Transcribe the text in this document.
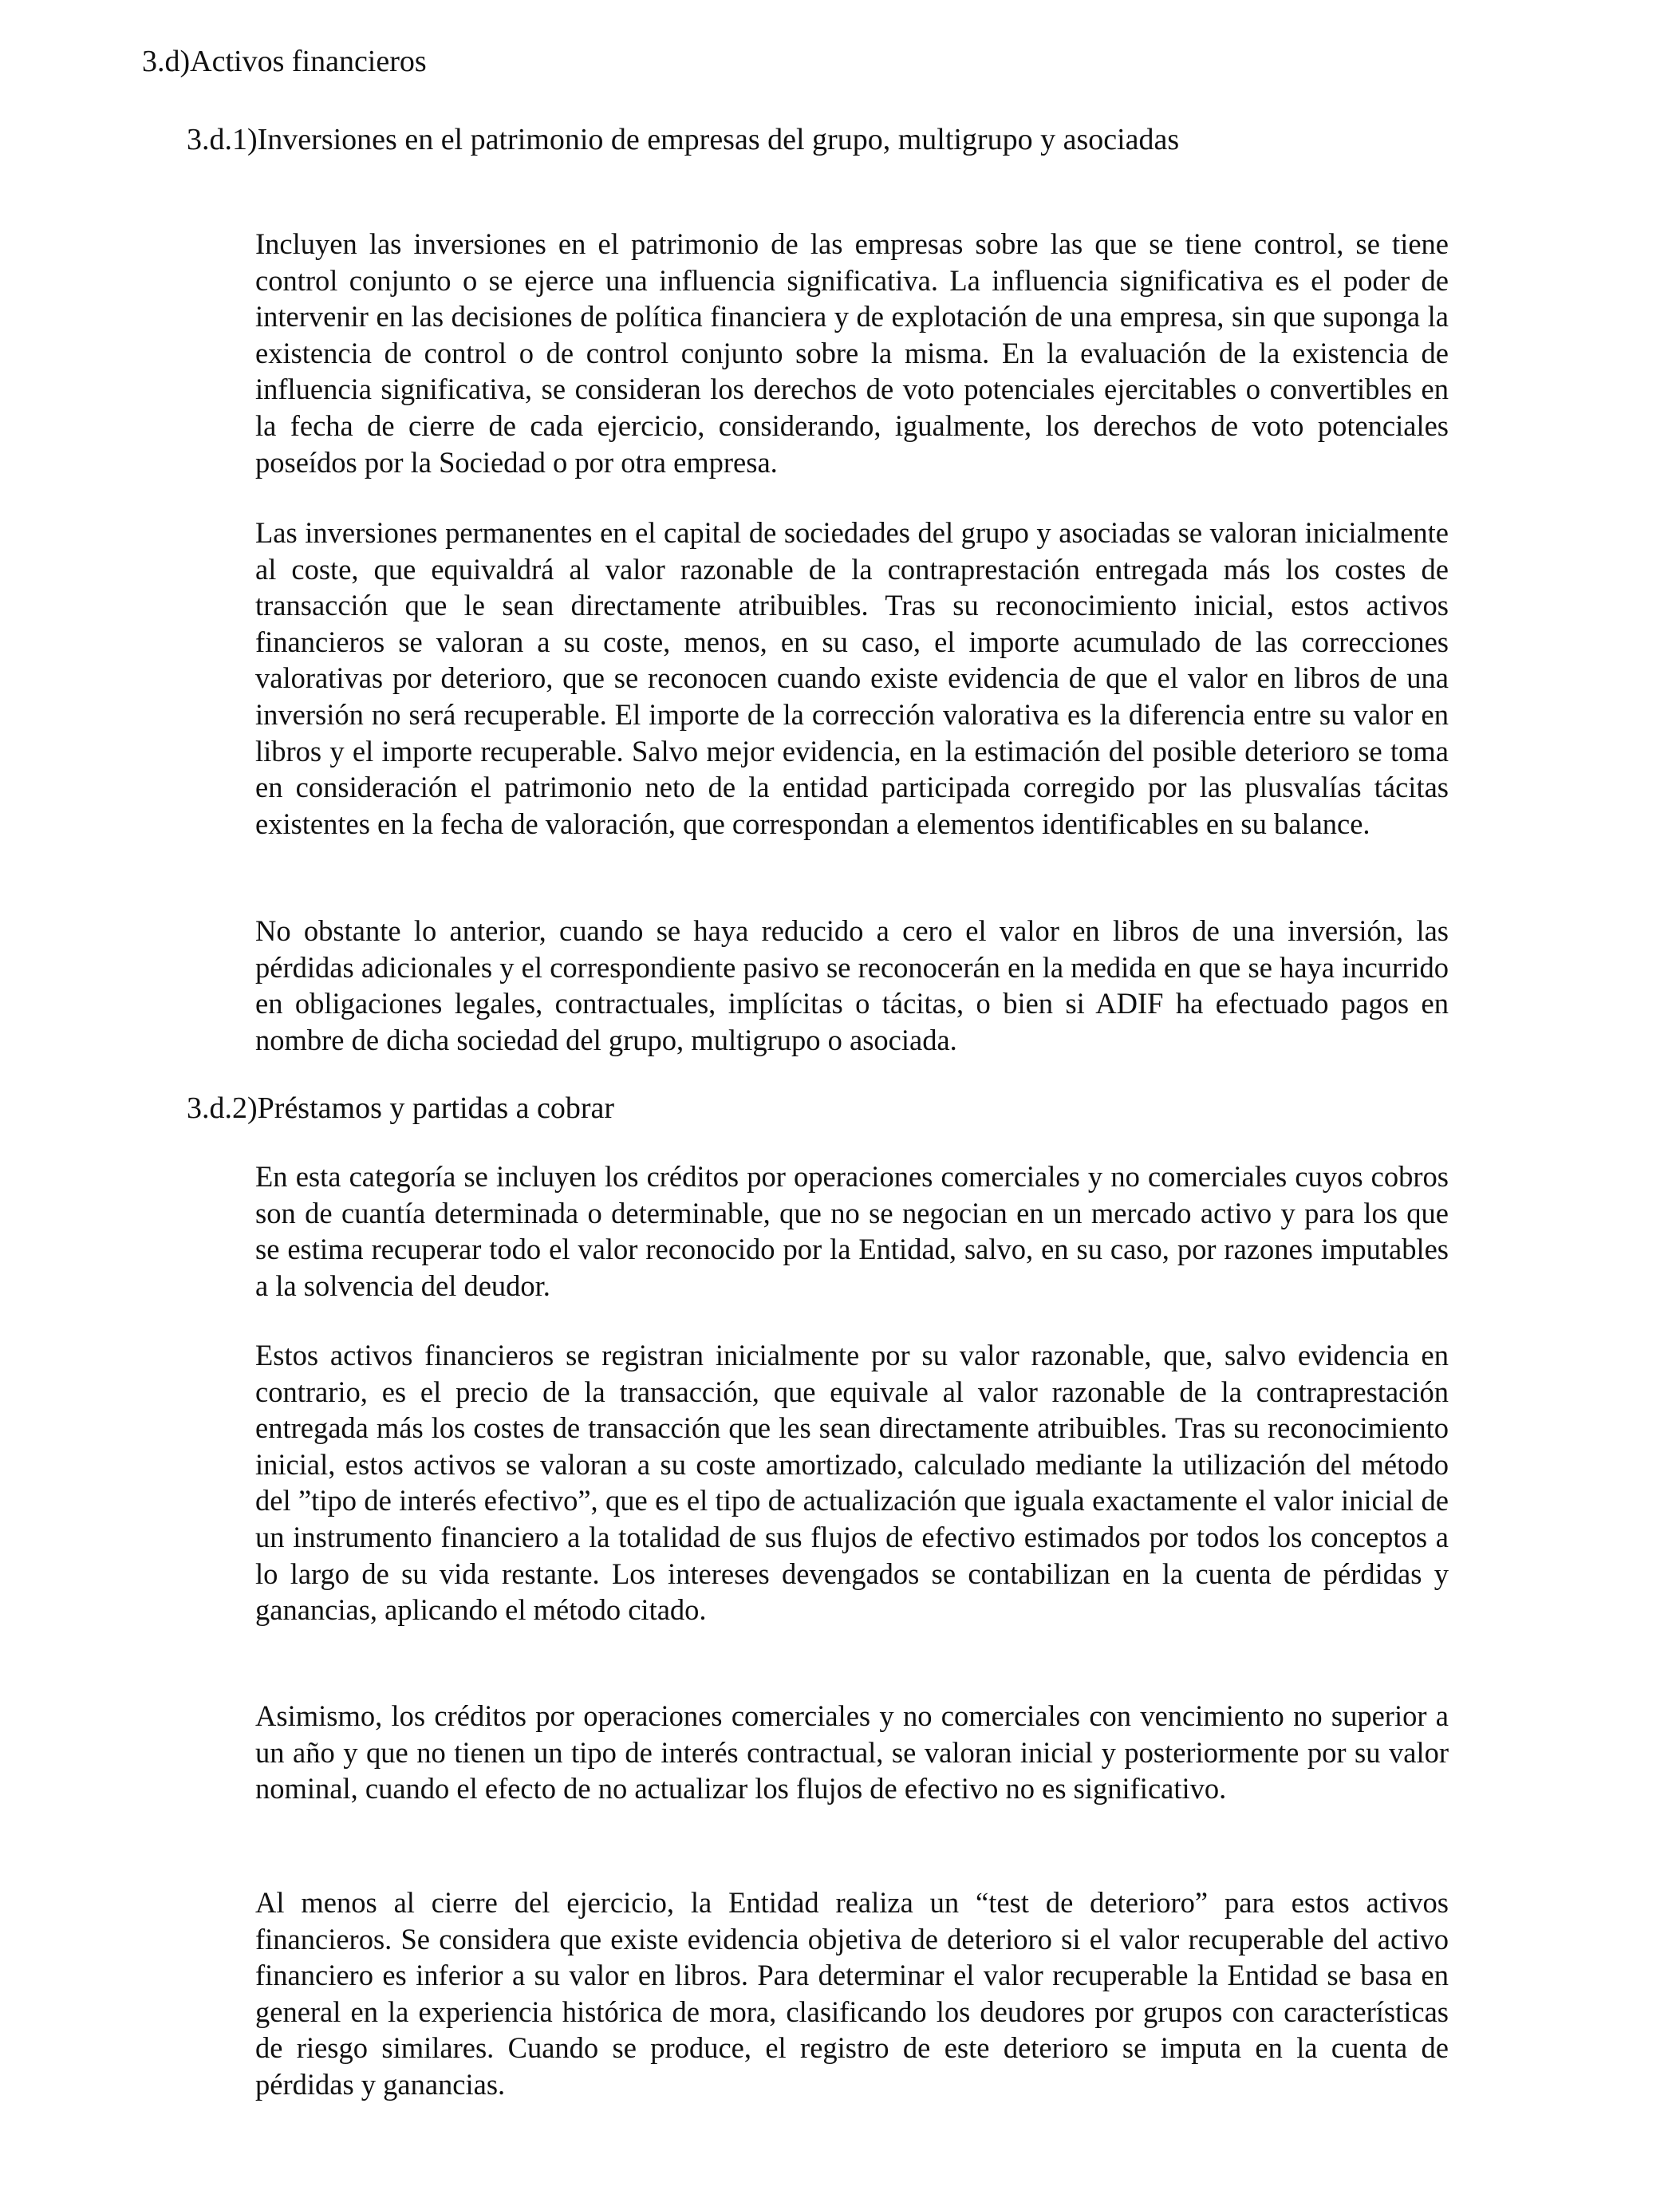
3.d)Activos financieros
3.d.1)Inversiones en el patrimonio de empresas del grupo, multigrupo y asociadas

Incluyen las inversiones en el patrimonio de las empresas sobre las que se tiene control, se tiene control conjunto o se ejerce una influencia significativa. La influencia significativa es el poder de intervenir en las decisiones de política financiera y de explotación de una empresa, sin que suponga la existencia de control o de control conjunto sobre la misma. En la evaluación de la existencia de influencia significativa, se consideran los derechos de voto potenciales ejercitables o convertibles en la fecha de cierre de cada ejercicio, considerando, igualmente, los derechos de voto potenciales poseídos por la Sociedad o por otra empresa.

Las inversiones permanentes en el capital de sociedades del grupo y asociadas se valoran inicialmente al coste, que equivaldrá al valor razonable de la contraprestación entregada más los costes de transacción que le sean directamente atribuibles. Tras su reconocimiento inicial, estos activos financieros se valoran a su coste, menos, en su caso, el importe acumulado de las correcciones valorativas por deterioro, que se reconocen cuando existe evidencia de que el valor en libros de una inversión no será recuperable. El importe de la corrección valorativa es la diferencia entre su valor en libros y el importe recuperable. Salvo mejor evidencia, en la estimación del posible deterioro se toma en consideración el patrimonio neto de la entidad participada corregido por las plusvalías tácitas existentes en la fecha de valoración, que correspondan a elementos identificables en su balance.

No obstante lo anterior, cuando se haya reducido a cero el valor en libros de una inversión, las pérdidas adicionales y el correspondiente pasivo se reconocerán en la medida en que se haya incurrido en obligaciones legales, contractuales, implícitas o tácitas, o bien si ADIF ha efectuado pagos en nombre de dicha sociedad del grupo, multigrupo o asociada.

3.d.2)Préstamos y partidas a cobrar

En esta categoría se incluyen los créditos por operaciones comerciales y no comerciales cuyos cobros son de cuantía determinada o determinable, que no se negocian en un mercado activo y para los que se estima recuperar todo el valor reconocido por la Entidad, salvo, en su caso, por razones imputables a la solvencia del deudor.

Estos activos financieros se registran inicialmente por su valor razonable, que, salvo evidencia en contrario, es el precio de la transacción, que equivale al valor razonable de la contraprestación entregada más los costes de transacción que les sean directamente atribuibles. Tras su reconocimiento inicial, estos activos se valoran a su coste amortizado, calculado mediante la utilización del método del ”tipo de interés efectivo”, que es el tipo de actualización que iguala exactamente el valor inicial de un instrumento financiero a la totalidad de sus flujos de efectivo estimados por todos los conceptos a lo largo de su vida restante. Los intereses devengados se contabilizan en la cuenta de pérdidas y ganancias, aplicando el método citado.

Asimismo, los créditos por operaciones comerciales y no comerciales con vencimiento no superior a un año y que no tienen un tipo de interés contractual, se valoran inicial y posteriormente por su valor nominal, cuando el efecto de no actualizar los flujos de efectivo no es significativo.

Al menos al cierre del ejercicio, la Entidad realiza un “test de deterioro” para estos activos financieros. Se considera que existe evidencia objetiva de deterioro si el valor recuperable del activo financiero es inferior a su valor en libros. Para determinar el valor recuperable la Entidad se basa en general en la experiencia histórica de mora, clasificando los deudores por grupos con características de riesgo similares. Cuando se produce, el registro de este deterioro se imputa en la cuenta de pérdidas y ganancias.
